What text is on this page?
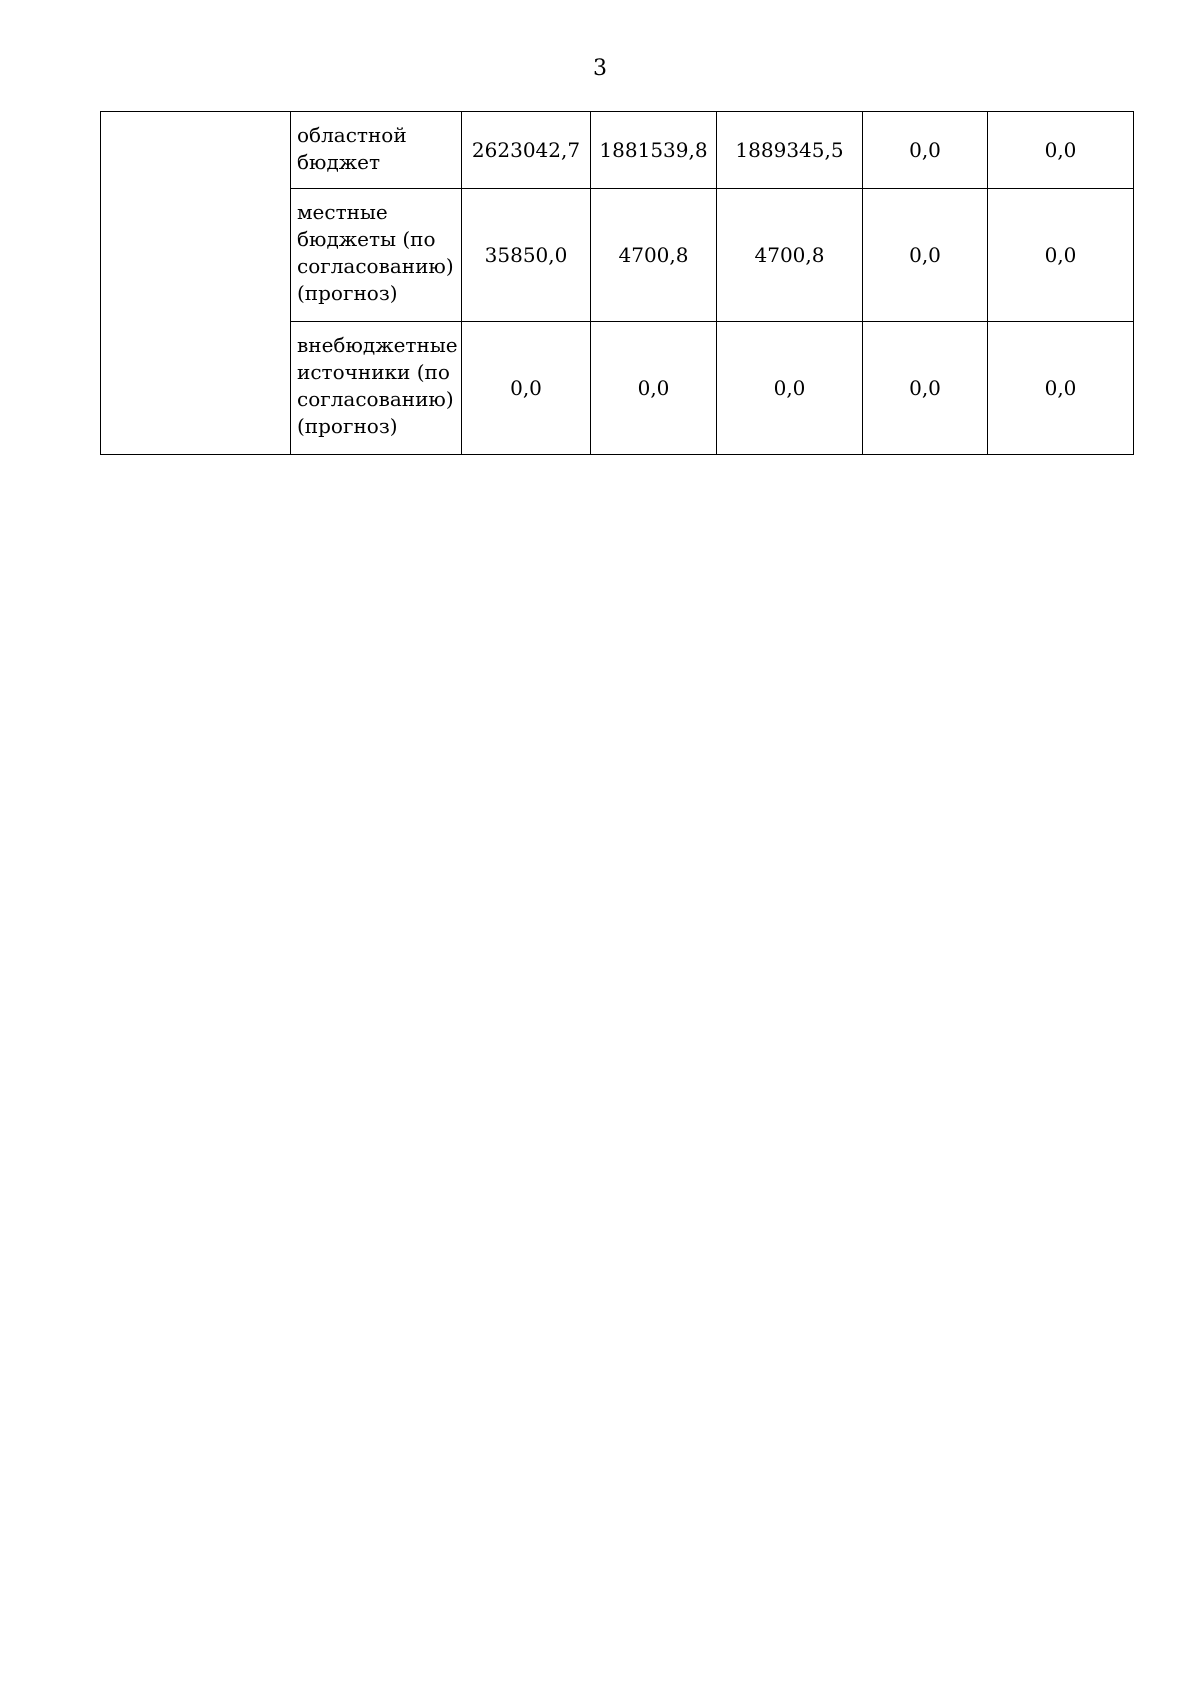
3
	областной бюджет	2623042,7	1881539,8	1889345,5	0,0	0,0
	местные бюджеты (по согласованию) (прогноз)	35850,0	4700,8	4700,8	0,0	0,0
	внебюджетные источники (по согласованию) (прогноз)	0,0	0,0	0,0	0,0	0,0
